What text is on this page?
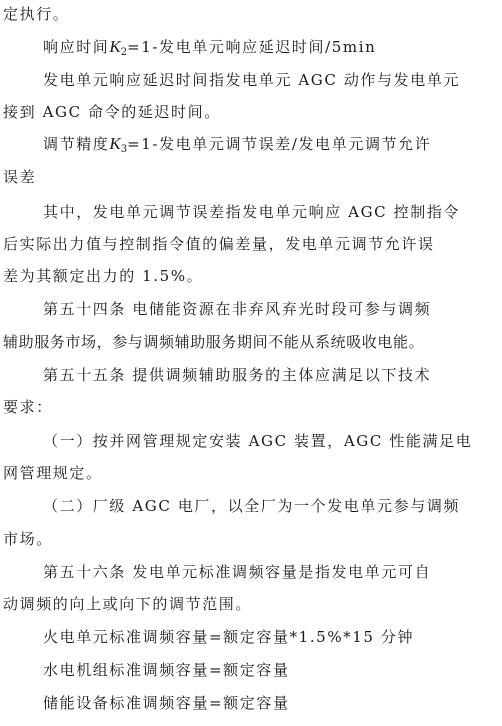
定执行。
响应时间$K_2=1-$发电单元响应延迟时间/5min
发电单元响应延迟时间指发电单元 AGC 动作与发电单元
接到 AGC 命令的延迟时间。
调节精度$K_3=1-$发电单元调节误差/发电单元调节允许
误差
其中，发电单元调节误差指发电单元响应 AGC 控制指令
后实际出力值与控制指令值的偏差量，发电单元调节允许误
差为其额定出力的 1.5%。
第五十四条 电储能资源在非弃风弃光时段可参与调频
辅助服务市场，参与调频辅助服务期间不能从系统吸收电能。
第五十五条 提供调频辅助服务的主体应满足以下技术
要求：
（一）按并网管理规定安装 AGC 装置，AGC 性能满足电
网管理规定。
（二）厂级 AGC 电厂，以全厂为一个发电单元参与调频
市场。
第五十六条 发电单元标准调频容量是指发电单元可自
动调频的向上或向下的调节范围。
火电单元标准调频容量=额定容量*1.5%*15 分钟
水电机组标准调频容量=额定容量
储能设备标准调频容量=额定容量
